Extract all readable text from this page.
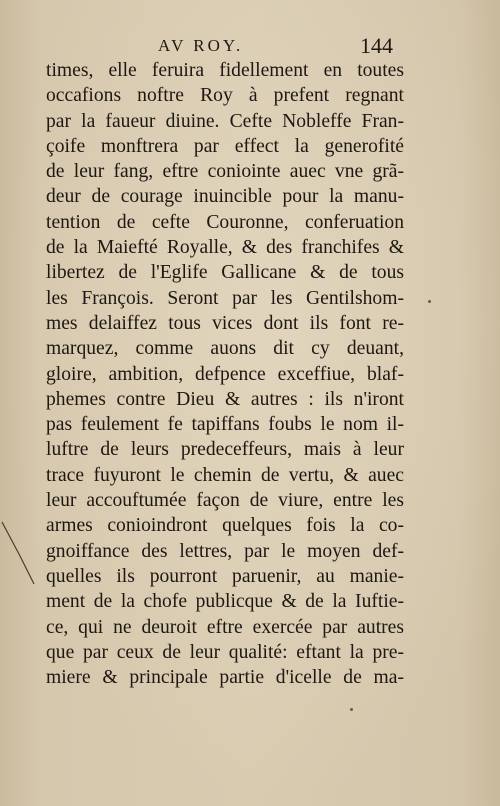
AV ROY.	144
times, elle feruira fidellement en toutes
occafions noftre Roy à prefent regnant
par la faueur diuine. Cefte Nobleffe Fran-
çoife monftrera par effect la generofité
de leur fang, eftre coniointe auec vne grã-
deur de courage inuincible pour la manu-
tention de cefte Couronne, conferuation
de la Maiefté Royalle, & des franchifes &
libertez de l'Eglife Gallicane & de tous
les François. Seront par les Gentilshom-
mes delaiffez tous vices dont ils font re-
marquez, comme auons dit cy deuant,
gloire, ambition, defpence exceffiue, blaf-
phemes contre Dieu & autres : ils n'iront
pas feulement fe tapiffans foubs le nom il-
luftre de leurs predeceffeurs, mais à leur
trace fuyuront le chemin de vertu, & auec
leur accouftumée façon de viure, entre les
armes conioindront quelques fois la co-
gnoiffance des lettres, par le moyen def-
quelles ils pourront paruenir, au manie-
ment de la chofe publicque & de la Iuftie-
ce, qui ne deuroit eftre exercée par autres
que par ceux de leur qualité: eftant la pre-
miere & principale partie d'icelle de ma-
